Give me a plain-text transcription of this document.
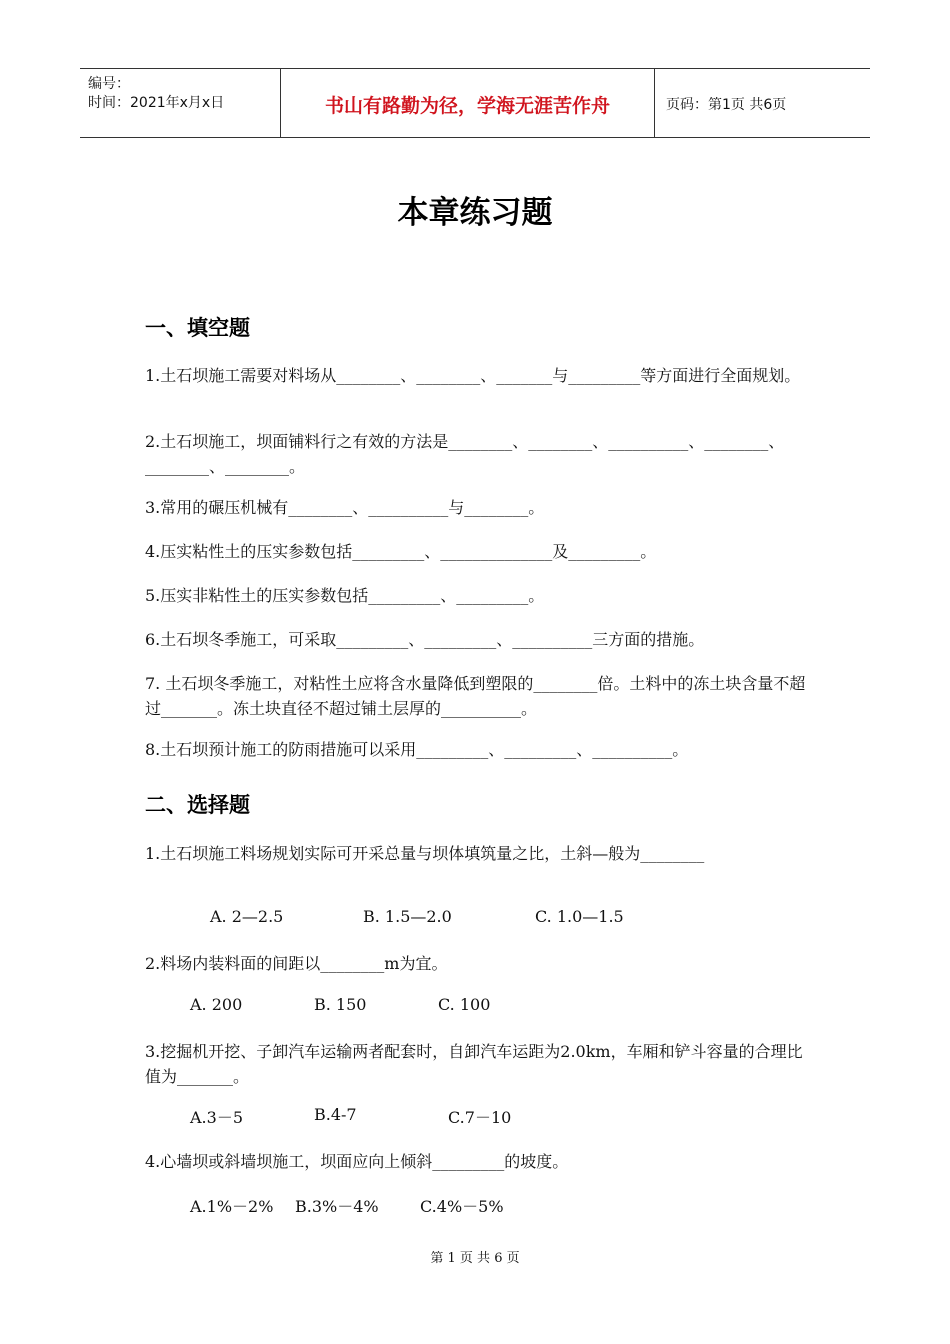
编号：
时间：2021年x月x日	书山有路勤为径，学海无涯苦作舟	页码：第1页 共6页
本章练习题
一、填空题
1.土石坝施工需要对料场从________、________、_______与_________等方面进行全面规划。
2.土石坝施工，坝面铺料行之有效的方法是________、________、__________、________、________、________。
3.常用的碾压机械有________、__________与________。
4.压实粘性土的压实参数包括_________、______________及_________。
5.压实非粘性土的压实参数包括_________、_________。
6.土石坝冬季施工，可采取_________、_________、__________三方面的措施。
7. 土石坝冬季施工，对粘性土应将含水量降低到塑限的________倍。土料中的冻土块含量不超过_______。冻土块直径不超过铺土层厚的__________。
8.土石坝预计施工的防雨措施可以采用_________、_________、__________。
二、选择题
1.土石坝施工料场规划实际可开采总量与坝体填筑量之比，土斜—般为________
A. 2—2.5	B. 1.5—2.0	C. 1.0—1.5
2.料场内装料面的间距以________m为宜。
A. 200	B. 150	C. 100
3.挖掘机开挖、子卸汽车运输两者配套时，自卸汽车运距为2.0km，车厢和铲斗容量的合理比值为_______。
A.3－5	B.4-7	C.7－10
4.心墙坝或斜墙坝施工，坝面应向上倾斜_________的坡度。
A.1%－2% B.3%－4%	C.4%－5%
第 1 页 共 6 页
